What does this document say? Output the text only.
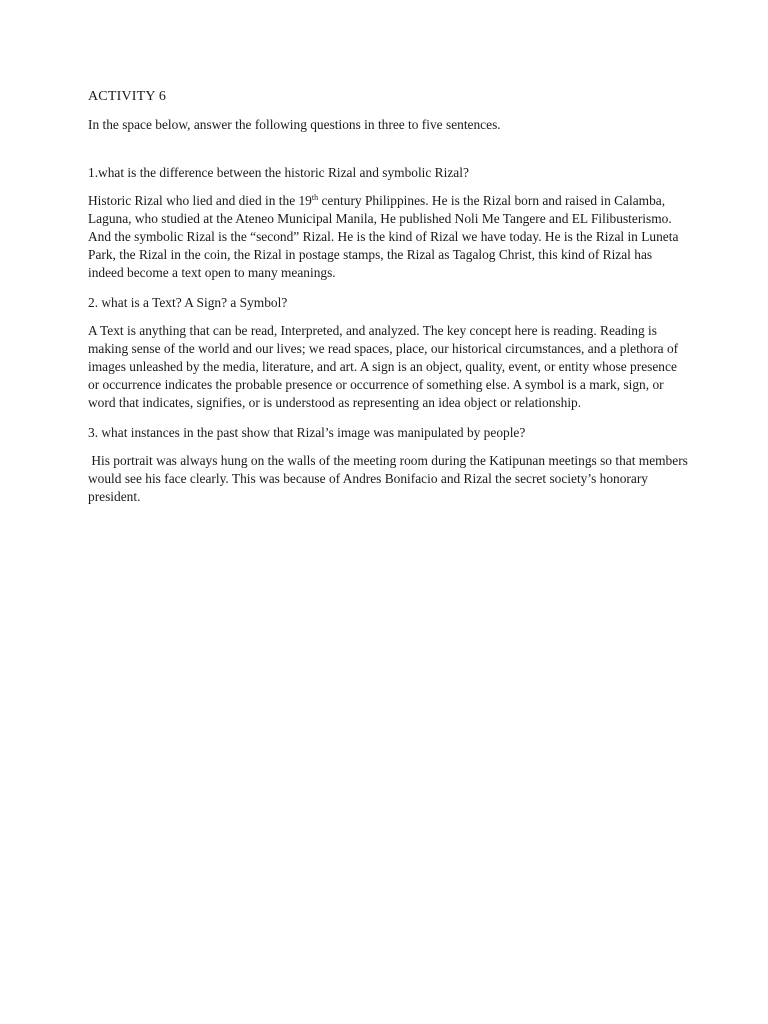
ACTIVITY 6

In the space below, answer the following questions in three to five sentences.

1.what is the difference between the historic Rizal and symbolic Rizal?

Historic Rizal who lied and died in the 19th century Philippines. He is the Rizal born and raised in Calamba, Laguna, who studied at the Ateneo Municipal Manila, He published Noli Me Tangere and EL Filibusterismo. And the symbolic Rizal is the “second” Rizal. He is the kind of Rizal we have today. He is the Rizal in Luneta Park, the Rizal in the coin, the Rizal in postage stamps, the Rizal as Tagalog Christ, this kind of Rizal has indeed become a text open to many meanings.

2. what is a Text? A Sign? a Symbol?

A Text is anything that can be read, Interpreted, and analyzed. The key concept here is reading. Reading is making sense of the world and our lives; we read spaces, place, our historical circumstances, and a plethora of images unleashed by the media, literature, and art. A sign is an object, quality, event, or entity whose presence or occurrence indicates the probable presence or occurrence of something else. A symbol is a mark, sign, or word that indicates, signifies, or is understood as representing an idea object or relationship.

3. what instances in the past show that Rizal’s image was manipulated by people?

His portrait was always hung on the walls of the meeting room during the Katipunan meetings so that members would see his face clearly. This was because of Andres Bonifacio and Rizal the secret society’s honorary president.
